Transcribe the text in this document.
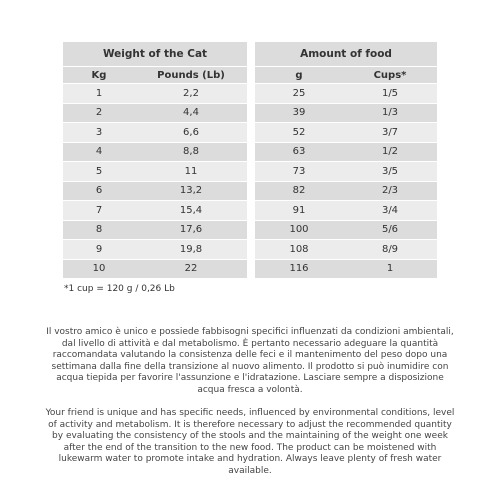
Weight of the Cat			Amount of food	
Kg	Pounds (Lb)		g	Cups*
1	2,2		25	1/5
2	4,4		39	1/3
3	6,6		52	3/7
4	8,8		63	1/2
5	11		73	3/5
6	13,2		82	2/3
7	15,4		91	3/4
8	17,6		100	5/6
9	19,8		108	8/9
10	22		116	1
*1 cup = 120 g / 0,26 Lb

Il vostro amico è unico e possiede fabbisogni specifici influenzati da condizioni ambientali, dal livello di attività e dal metabolismo. È pertanto necessario adeguare la quantità raccomandata valutando la consistenza delle feci e il mantenimento del peso dopo una settimana dalla fine della transizione al nuovo alimento. Il prodotto si può inumidire con acqua tiepida per favorire l'assunzione e l'idratazione. Lasciare sempre a disposizione acqua fresca a volontà.

Your friend is unique and has specific needs, influenced by environmental conditions, level of activity and metabolism. It is therefore necessary to adjust the recommended quantity by evaluating the consistency of the stools and the maintaining of the weight one week after the end of the transition to the new food. The product can be moistened with lukewarm water to promote intake and hydration. Always leave plenty of fresh water available.
